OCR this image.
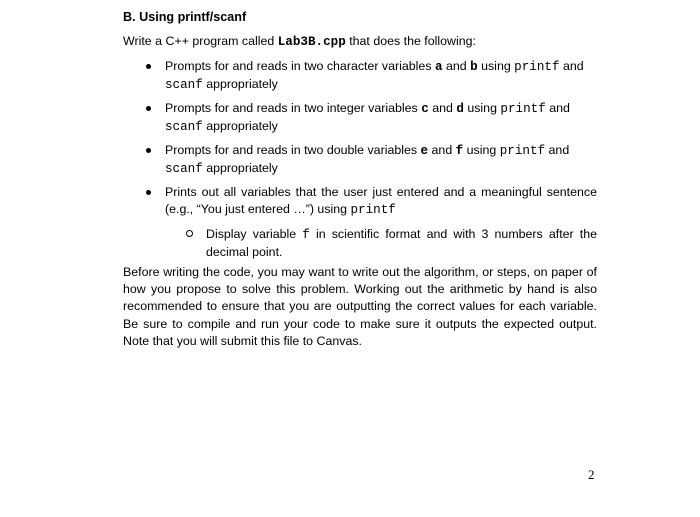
B. Using printf/scanf
Write a C++ program called Lab3B.cpp that does the following:
Prompts for and reads in two character variables a and b using printf and
scanf appropriately
Prompts for and reads in two integer variables c and d using printf and
scanf appropriately
Prompts for and reads in two double variables e and f using printf and
scanf appropriately
Prints out all variables that the user just entered and a meaningful sentence (e.g., “You just entered …”) using printf
Display variable f in scientific format and with 3 numbers after the decimal point.
Before writing the code, you may want to write out the algorithm, or steps, on paper of how you propose to solve this problem. Working out the arithmetic by hand is also recommended to ensure that you are outputting the correct values for each variable. Be sure to compile and run your code to make sure it outputs the expected output. Note that you will submit this file to Canvas.
2
